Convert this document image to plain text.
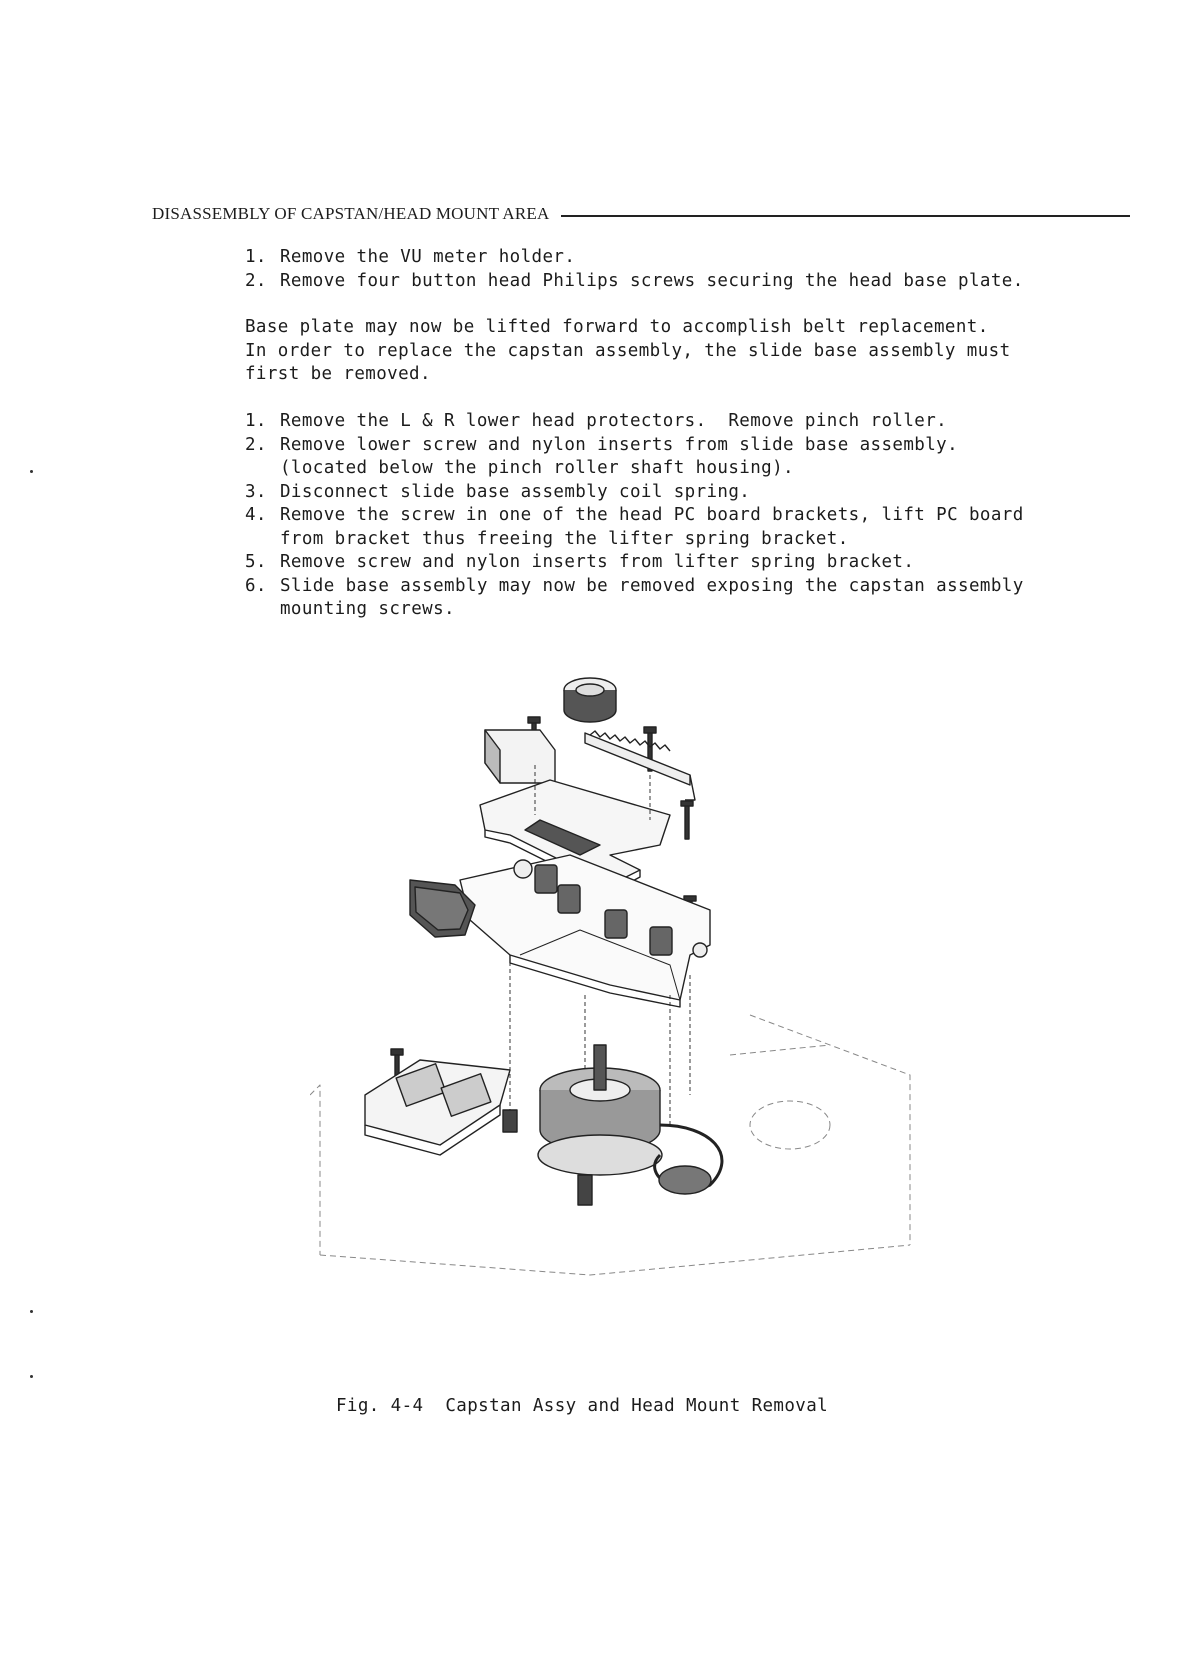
DISASSEMBLY OF CAPSTAN/HEAD MOUNT AREA
1. Remove the VU meter holder.
2. Remove four button head Philips screws securing the head base plate.
Base plate may now be lifted forward to accomplish belt replacement.
In order to replace the capstan assembly, the slide base assembly must
first be removed.
1. Remove the L & R lower head protectors.  Remove pinch roller.
2. Remove lower screw and nylon inserts from slide base assembly.
(located below the pinch roller shaft housing).
3. Disconnect slide base assembly coil spring.
4. Remove the screw in one of the head PC board brackets, lift PC board
from bracket thus freeing the lifter spring bracket.
5. Remove screw and nylon inserts from lifter spring bracket.
6. Slide base assembly may now be removed exposing the capstan assembly
mounting screws.
Fig. 4-4  Capstan Assy and Head Mount Removal
